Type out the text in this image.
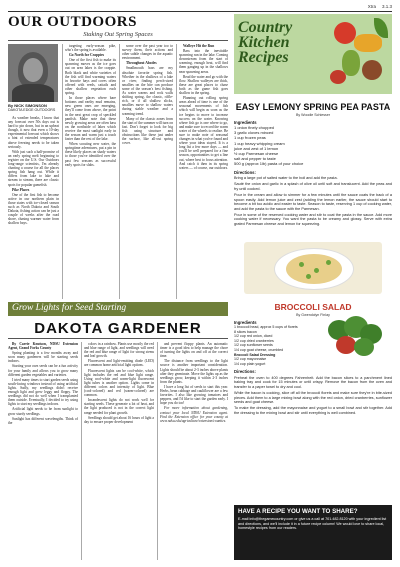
Xtra 3.1.3
OUR OUTDOORS
Staking Out Spring Spaces
By NICK SIMONSON
DAKOTA EDGE OUTDOORS

As weather breaks, I know that any forecast over 50s days out is hard to pin down, but in an upbeat though, it now that even a 10-day experimental forecast which shows a hint of extended temperatures above freezing needs to be taken seriously.

With just such a half-promise of an early spring melt beginning to register on the U.S. Our Outdoors long-range scientists, I'm already charting a course for all the places spring fish hang out. While it differs from lake to lake and stream to stream, there are classic spots for popular gamefish.

Pike Places

One of the first fish to become active in our northern plain in those states with ice-closed season such as North Dakota and South Dakota, fishing action can be just a couple of weeks after the road shore, chasing warmer water from shallow bays.

targeting early-season pike, who's the spring is available.

Go North for Crappies

One of the first fish to make its spawning moves as the ice goes out on area lakes is the crappie. Both black and white varieties of the fish will find warming waters in favorite bays and coves often offered with reeds, cattails and other shallow vegetation each spring.

In those places where bare bottoms and earthy mud remains, new green ones are emerging, they'll come from above, the point in the next great crop of speckled panfish. Make note that these newly growing areas are often bass on the northside of lakes which receive the most sunlight early in the season and warm just a touch faster than the rest of the lake.

When scouting new water, the springtime adventures, put a pin in these likely places on shady waters to those you've identified over the past few seasons as successful early spots for slabs.

some over the past year too to survey them, their actions and other subtle changes in the aquatic environment.

Throughout Abodes

Smallmouth bass are my absolute favorite spring fish. Whether in the shallows of a lake or river, finding perch-sized smallies on the bite can produce some of the season's best fishing. As water warms and rock walls shifting spring, the classic, riffle-rich, or if all shallow slicks, smallies move to shallow waters during stable weather and a warming trend.

Many of the classic zones from the start of the summer will turn on fast. Don't forget to look for big fish using structure and obstructions like these just under the surface, like all-out spring cover.

Walleye Hit the Run

Bass into the inevitable spawning run in the lake. Coming downstream from the start of warming, enough heat, will find them ganging up in the shallows near spawning areas.

Read the water and go with the flow. Shallow walleyes are thick, these are great places to chase both as the game fish goes shallow in the spring.

Planning out rolling spring areas ahead of time is one of the seasonal movements of fish which will begin as soon as the ice begins to move to increase success on the water. Knowing where fish go is one where to go, and make sure to record the warm water of the wheels to realize. Be sure to make note of seasonal changes in what you've found and where your ideas stayed. It is a long list a few more days — and you'll be well prepared for a fine season, opportunities to get a line out, where best to focus attention. And catch it then in its spring waters — of course, our outdoors.

Country Kitchen Recipes
EASY LEMONY SPRING PEA PASTA
By Woodie Schiesser
Ingredients
1 onion finely chopped
3 garlic cloves minced
1 cup frozen peas
1 cup heavy whipping cream
juice and zest of 1 lemon
½ cup Parmesan cheese
salt and pepper to taste
500 g (approx 1lb) pasta of your choice
Directions:
Bring a large pot of salted water to the boil and add the pasta.
Sauté the onion and garlic in a splash of olive oil until soft and translucent. Add the peas and fry until cooked.
Pour in the cream and allow to simmer for a few minutes until the sauce coats the back of a spoon easily. Add lemon juice and zest (adding the lemon earlier, the sauce should start to become a bit too acidic and easier to taste. Season to taste, reserving 1 cup of cooking water, and add the pasta to the sauce with the Parmesan.
Pour in some of the reserved cooking water and stir to coat the pasta in the sauce. Add more cooking water if necessary. You want the pasta to be creamy and glossy. Serve with extra grated Parmesan cheese and lemon for squeezing.
BROCCOLI SALAD
By Gwendolyn Finlay
Ingredients
1 broccoli head, approx 5 cups of florets
8 slices bacon
1/2 cup red onion, diced
1/2 cup dried cranberries
1/2 cup sunflower seeds
1/4 cup goat cheese, crumbled
Broccoli Salad Dressing
1/2 cup mayonnaise
1/4 cup plain yogurt
Directions:
Preheat the oven to 400 degrees Fahrenheit. Add the bacon slices to a parchment lined baking tray and cook for 15 minutes or until crispy. Remove the bacon from the oven and transfer to a paper towel to dry and cool.
While the bacon is cooking, slice off all the broccoli florets and make sure they're in bite-sized pieces. Add them to a large mixing bowl along with the red onion, dried cranberries, sunflower seeds and goat cheese.
To make the dressing, add the mayonnaise and yogurt to a small bowl and stir together. Add the dressing to the mixing bowl and stir until everything is well combined.
HAVE A RECIPE YOU WANT TO SHARE?
E-mail info@thegamecountry.com or give us a call at 701.482.8120 with your ingredient list and directions, and we'll include it in a future recipe column! We would love to share local, homestyle recipes from our readers.
Grow Lights for Seed Starting
DAKOTA GARDENER

By Carrie Knutson, NDSU Extension Agent, Grand Forks County

Spring planting is a few months away and soon many gardeners will be starting seeds indoors.

Starting your own seeds can be a fun activity for your family and allows you to grow many different garden vegetables and varieties.

I tried many times to start garden seeds using south-facing windows instead of using artificial lights. Sadly, my seedlings didn't receive enough light and grew leggy and floppy. The seedlings did not do well when I transplanted them outside. Eventually, I decided to try using lights to start my seedlings indoors.

Artificial light needs to be from sunlight to grow sturdy seedlings.

Sunlight has different wavelengths. Think of the

colors in a rainbow. Plants use mostly the red and blue range of light, and seedlings will need the red and blue range of light for strong stems and leaf growth.

Fluorescent and light-emitting diode (LED) are common home artificial light options.

Fluorescent lights can be cool-white, which light includes the red and blue light range. Using cool-white and warm-light fluorescent light tubes is another option. Lights come in different colors and intensity of light. Blue (cool-colored) and red (warm-colored) are common.

Incandescent lights do not work well for starting seeds. These generate a lot of heat, and the light produced is not in the correct light range needed for plant growth.

Seedlings should get about 16 hours of light a day to ensure proper development

and prevent floppy plants. An automatic timer is a good idea to help manage the chore of turning the lights on and off at the correct time.

The distance from seedlings to the light source is another important consideration. Lights should be about 2-3 inches above plants after they germinate. Move the lights up as the seedlings grow, keeping it within 2-3 inches from the plants.

I have a long list of seeds to start this year. Herbs, bean cabbage and cauliflower are a few favorites. I also like growing tomatoes and peppers, and I'd like to start the garden early. I hope you do too!

For more information about gardening, contact your local NDSU Extension agent. Find the Extension office for your county at www.ndsu.edu/agriculture/extension/counties.
